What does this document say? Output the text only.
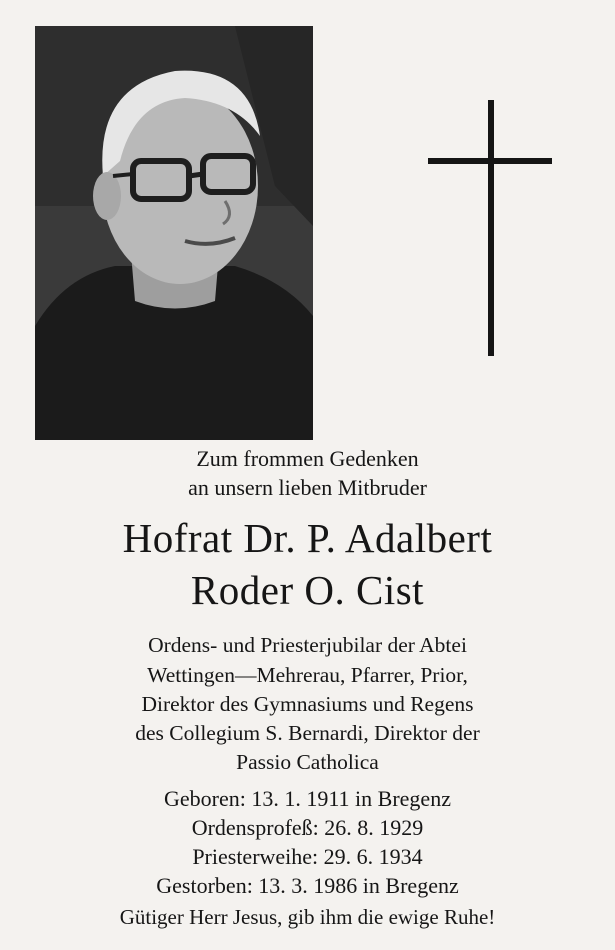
Zum frommen Gedenken
an unsern lieben Mitbruder
Hofrat Dr. P. Adalbert
Roder O. Cist
Ordens- und Priesterjubilar der Abtei
Wettingen—Mehrerau, Pfarrer, Prior,
Direktor des Gymnasiums und Regens
des Collegium S. Bernardi, Direktor der
Passio Catholica
Geboren: 13. 1. 1911 in Bregenz
Ordensprofeß: 26. 8. 1929
Priesterweihe: 29. 6. 1934
Gestorben: 13. 3. 1986 in Bregenz
Gütiger Herr Jesus, gib ihm die ewige Ruhe!
